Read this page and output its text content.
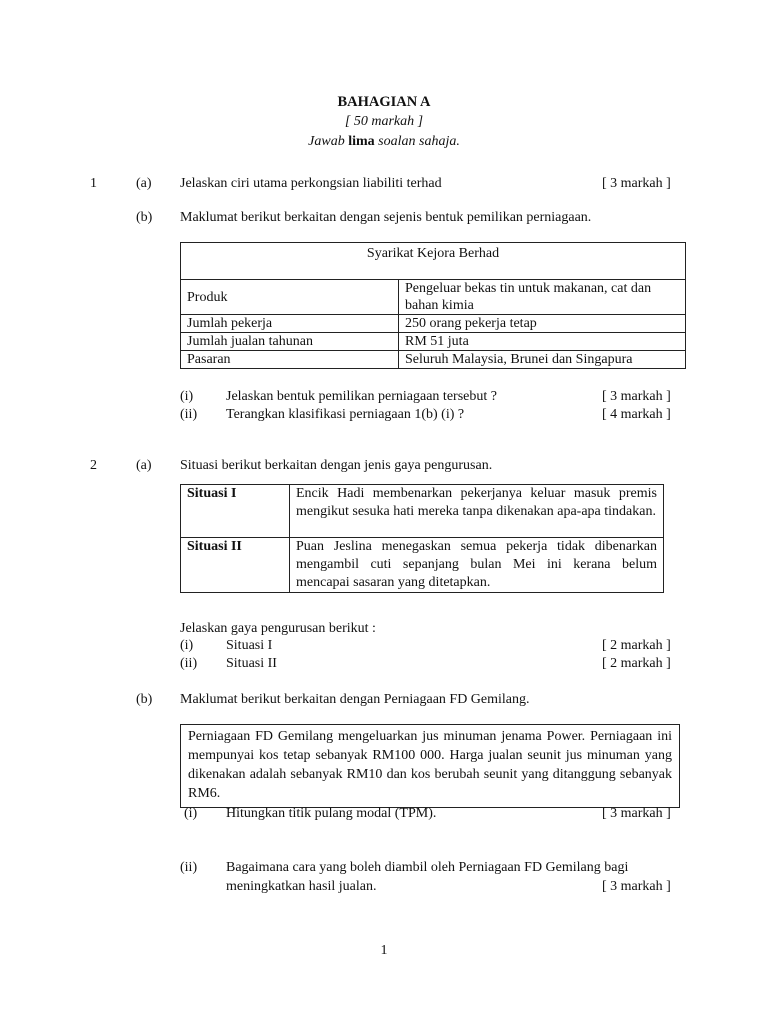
BAHAGIAN A
[ 50 markah ]
Jawab lima soalan sahaja.
1	(a) Jelaskan ciri utama perkongsian liabiliti terhad	[ 3 markah ]
(b) Maklumat berikut berkaitan dengan sejenis bentuk pemilikan perniagaan.
Syarikat Kejora Berhad	
Produk	Pengeluar bekas tin untuk makanan, cat dan bahan kimia
Jumlah pekerja	250 orang pekerja tetap
Jumlah jualan tahunan	RM 51 juta
Pasaran	Seluruh Malaysia, Brunei dan Singapura
(i) Jelaskan bentuk pemilikan perniagaan tersebut ?	[ 3 markah ]
(ii) Terangkan klasifikasi perniagaan 1(b) (i) ?	[ 4 markah ]
2	(a) Situasi berikut berkaitan dengan jenis gaya pengurusan.
Situasi I	Encik Hadi membenarkan pekerjanya keluar masuk premis mengikut sesuka hati mereka tanpa dikenakan apa-apa tindakan.
Situasi II	Puan Jeslina menegaskan semua pekerja tidak dibenarkan mengambil cuti sepanjang bulan Mei ini kerana belum mencapai sasaran yang ditetapkan.
Jelaskan gaya pengurusan berikut :
(i) Situasi I	[ 2 markah ]
(ii) Situasi II	[ 2 markah ]
(b) Maklumat berikut berkaitan dengan Perniagaan FD Gemilang.
Perniagaan FD Gemilang mengeluarkan jus minuman jenama Power. Perniagaan ini mempunyai kos tetap sebanyak RM100 000. Harga jualan seunit jus minuman yang dikenakan adalah sebanyak RM10 dan kos berubah seunit yang ditanggung sebanyak RM6.
(i) Hitungkan titik pulang modal (TPM).	[ 3 markah ]
(ii) Bagaimana cara yang boleh diambil oleh Perniagaan FD Gemilang bagi
meningkatkan hasil jualan.	[ 3 markah ]
1
